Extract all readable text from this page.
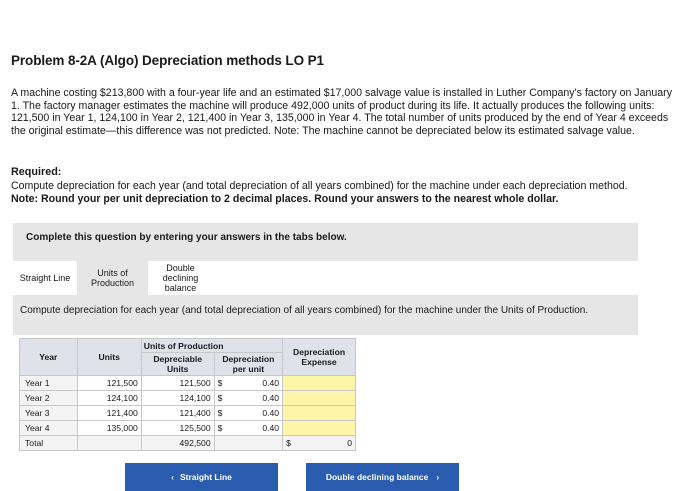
Problem 8-2A (Algo) Depreciation methods LO P1
A machine costing $213,800 with a four-year life and an estimated $17,000 salvage value is installed in Luther Company's factory on January 1. The factory manager estimates the machine will produce 492,000 units of product during its life. It actually produces the following units: 121,500 in Year 1, 124,100 in Year 2, 121,400 in Year 3, 135,000 in Year 4. The total number of units produced by the end of Year 4 exceeds the original estimate—this difference was not predicted. Note: The machine cannot be depreciated below its estimated salvage value.
Required:
Compute depreciation for each year (and total depreciation of all years combined) for the machine under each depreciation method.
Note: Round your per unit depreciation to 2 decimal places. Round your answers to the nearest whole dollar.
Complete this question by entering your answers in the tabs below.
Straight Line	Units of Production
Double declining balance
Compute depreciation for each year (and total depreciation of all years combined) for the machine under the Units of Production.
Year	Units	Units of Production			Depreciation Expense
		Depreciable Units	Depreciation per unit		
Year 1	121,500	121,500	$	0.40	
Year 2	124,100	124,100	$	0.40	
Year 3	121,400	121,400	$	0.40	
Year 4	135,000	125,500	$	0.40	
Total		492,500			$ 0
‹ Straight Line	Double declining balance ›
